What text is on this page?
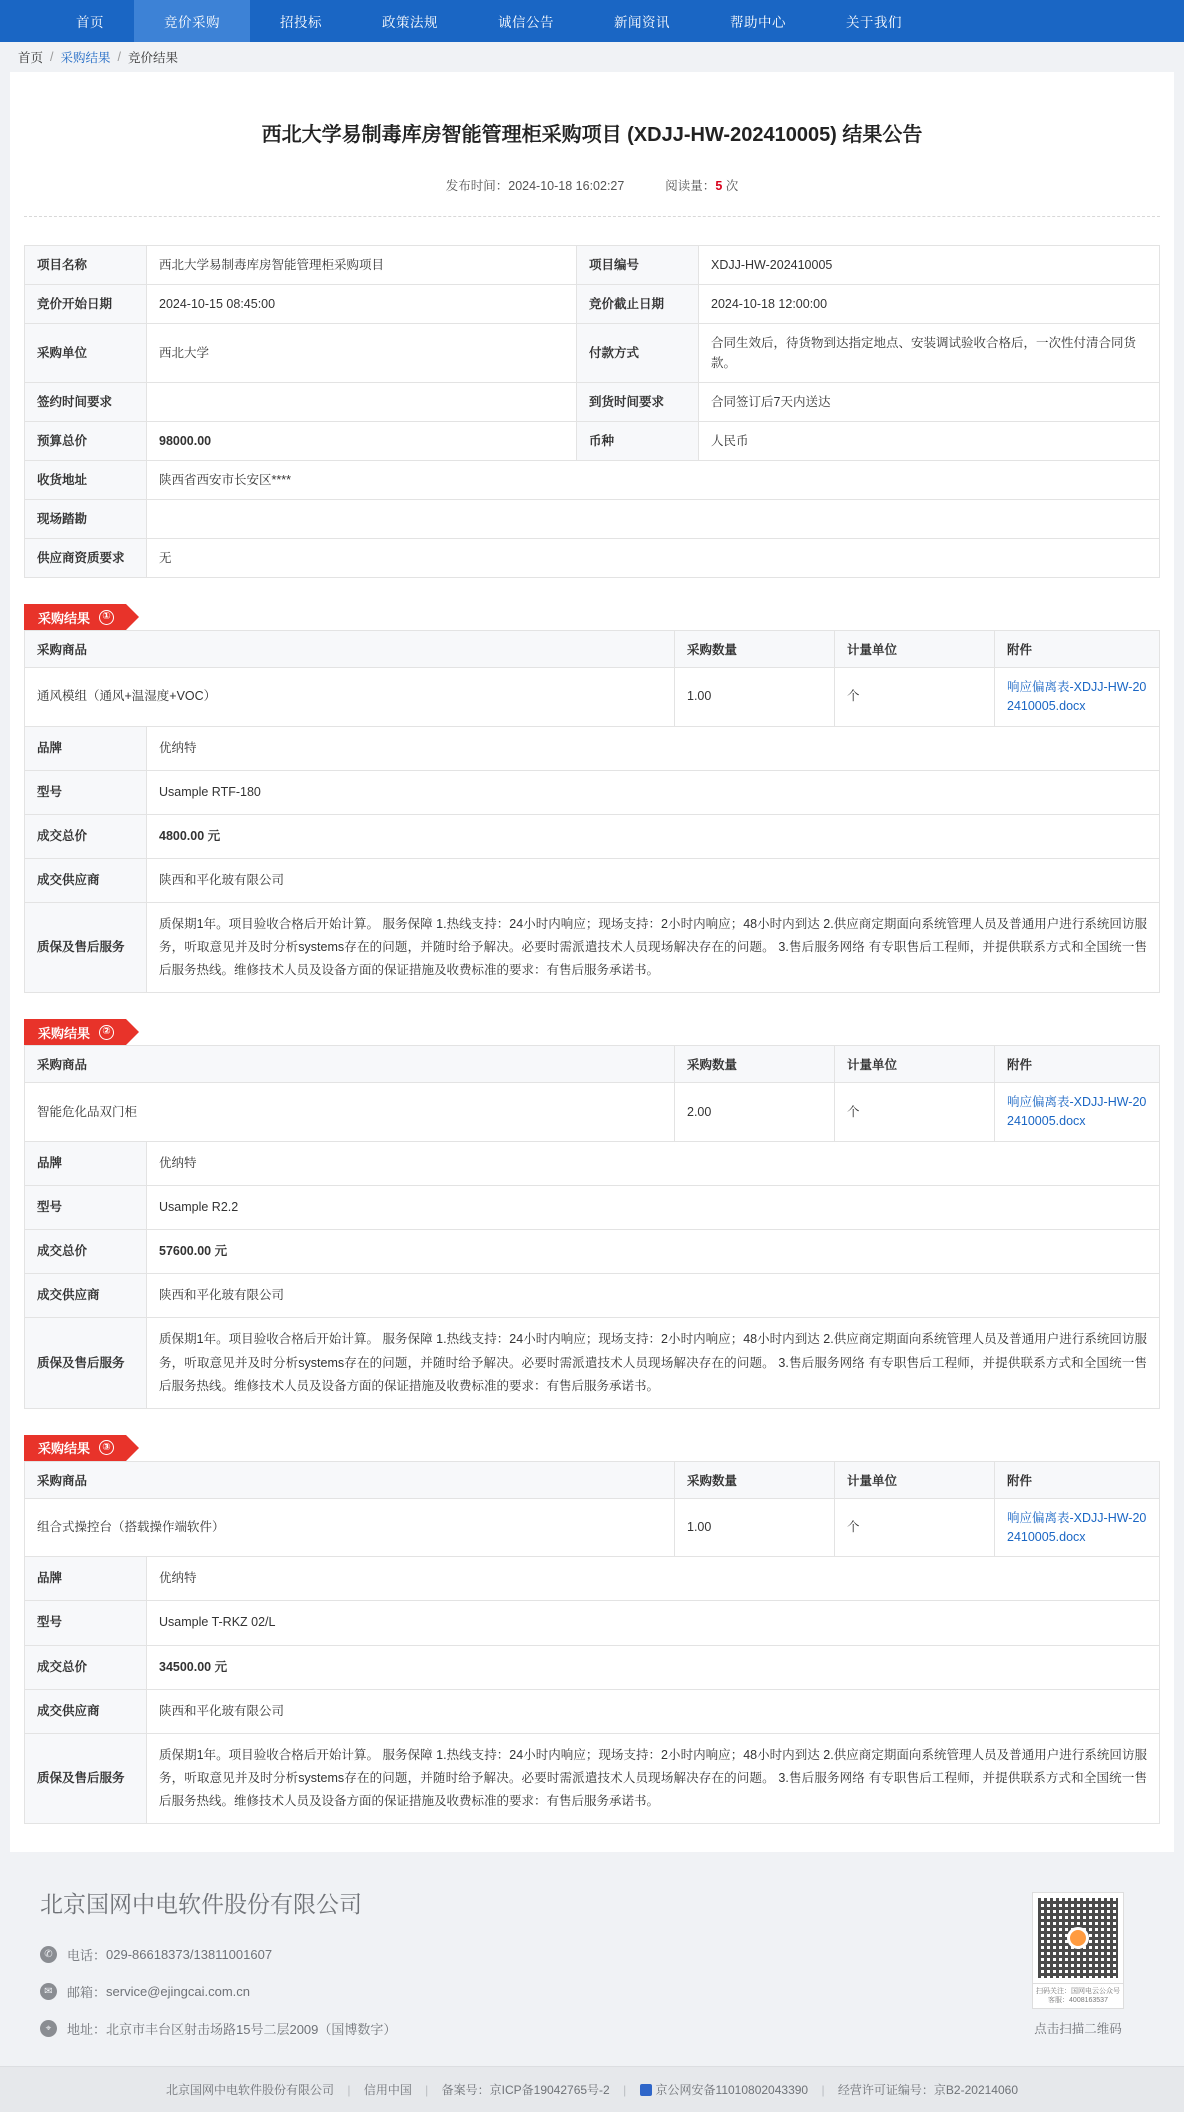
首页	竞价采购	招投标	政策法规	诚信公告	新闻资讯	帮助中心	关于我们
首页 / 采购结果 / 竞价结果
西北大学易制毒库房智能管理柜采购项目 (XDJJ-HW-202410005) 结果公告
发布时间：2024-10-18 16:02:27	阅读量：5 次
项目名称	西北大学易制毒库房智能管理柜采购项目	项目编号	XDJJ-HW-202410005
竞价开始日期	2024-10-15 08:45:00	竞价截止日期	2024-10-18 12:00:00
采购单位	西北大学	付款方式	合同生效后，待货物到达指定地点、安装调试验收合格后，一次性付清合同货款。
签约时间要求		到货时间要求	合同签订后7天内送达
预算总价	98000.00	币种	人民币
收货地址	陕西省西安市长安区****		
现场踏勘			
供应商资质要求	无		
采购结果	①
采购商品		采购数量	计量单位	附件
通风模组（通风+温湿度+VOC）		1.00	个	响应偏离表-XDJJ-HW-202410005.docx

品牌	优纳特			
型号	Usample RTF-180			
成交总价	4800.00 元			
成交供应商	陕西和平化玻有限公司			
质保及售后服务	质保期1年。项目验收合格后开始计算。 服务保障 1.热线支持：24小时内响应；现场支持：2小时内响应；48小时内到达 2.供应商定期面向系统管理人员及普通用户进行系统回访服务，听取意见并及时分析systems存在的问题，并随时给予解决。必要时需派遣技术人员现场解决存在的问题。 3.售后服务网络 有专职售后工程师，并提供联系方式和全国统一售后服务热线。维修技术人员及设备方面的保证措施及收费标准的要求：有售后服务承诺书。			
采购结果	②
采购商品		采购数量	计量单位	附件
智能危化品双门柜		2.00	个	响应偏离表-XDJJ-HW-202410005.docx

品牌	优纳特			
型号	Usample R2.2			
成交总价	57600.00 元			
成交供应商	陕西和平化玻有限公司			
质保及售后服务	质保期1年。项目验收合格后开始计算。 服务保障 1.热线支持：24小时内响应；现场支持：2小时内响应；48小时内到达 2.供应商定期面向系统管理人员及普通用户进行系统回访服务，听取意见并及时分析systems存在的问题，并随时给予解决。必要时需派遣技术人员现场解决存在的问题。 3.售后服务网络 有专职售后工程师，并提供联系方式和全国统一售后服务热线。维修技术人员及设备方面的保证措施及收费标准的要求：有售后服务承诺书。			
采购结果	③
采购商品		采购数量	计量单位	附件
组合式操控台（搭载操作端软件）		1.00	个	响应偏离表-XDJJ-HW-202410005.docx

品牌	优纳特			
型号	Usample T-RKZ 02/L			
成交总价	34500.00 元			
成交供应商	陕西和平化玻有限公司			
质保及售后服务	质保期1年。项目验收合格后开始计算。 服务保障 1.热线支持：24小时内响应；现场支持：2小时内响应；48小时内到达 2.供应商定期面向系统管理人员及普通用户进行系统回访服务，听取意见并及时分析systems存在的问题，并随时给予解决。必要时需派遣技术人员现场解决存在的问题。 3.售后服务网络 有专职售后工程师，并提供联系方式和全国统一售后服务热线。维修技术人员及设备方面的保证措施及收费标准的要求：有售后服务承诺书。			
北京国网中电软件股份有限公司
✆	电话： 029-86618373/13811001607
✉	邮箱： service@ejingcai.com.cn
⌖	地址： 北京市丰台区射击场路15号二层2009（国博数字）
扫码关注：国网电云公众号 客服：4008163537
点击扫描二维码
北京国网中电软件股份有限公司 | 信用中国 | 备案号：京ICP备19042765号-2 | 京公网安备11010802043390 | 经营许可证编号：京B2-20214060
